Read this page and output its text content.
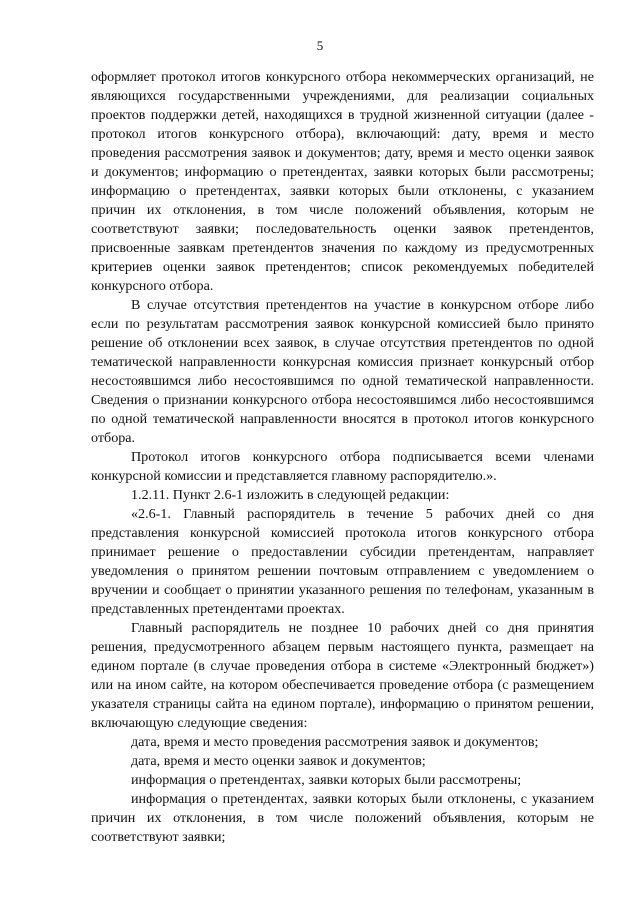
5

оформляет протокол итогов конкурсного отбора некоммерческих организаций, не являющихся государственными учреждениями, для реализации социальных проектов поддержки детей, находящихся в трудной жизненной ситуации (далее - протокол итогов конкурсного отбора), включающий: дату, время и место проведения рассмотрения заявок и документов; дату, время и место оценки заявок и документов; информацию о претендентах, заявки которых были рассмотрены; информацию о претендентах, заявки которых были отклонены, с указанием причин их отклонения, в том числе положений объявления, которым не соответствуют заявки; последовательность оценки заявок претендентов, присвоенные заявкам претендентов значения по каждому из предусмотренных критериев оценки заявок претендентов; список рекомендуемых победителей конкурсного отбора.

В случае отсутствия претендентов на участие в конкурсном отборе либо если по результатам рассмотрения заявок конкурсной комиссией было принято решение об отклонении всех заявок, в случае отсутствия претендентов по одной тематической направленности конкурсная комиссия признает конкурсный отбор несостоявшимся либо несостоявшимся по одной тематической направленности. Сведения о признании конкурсного отбора несостоявшимся либо несостоявшимся по одной тематической направленности вносятся в протокол итогов конкурсного отбора.

Протокол итогов конкурсного отбора подписывается всеми членами конкурсной комиссии и представляется главному распорядителю.».

1.2.11. Пункт 2.6-1 изложить в следующей редакции:

«2.6-1. Главный распорядитель в течение 5 рабочих дней со дня представления конкурсной комиссией протокола итогов конкурсного отбора принимает решение о предоставлении субсидии претендентам, направляет уведомления о принятом решении почтовым отправлением с уведомлением о вручении и сообщает о принятии указанного решения по телефонам, указанным в представленных претендентами проектах.

Главный распорядитель не позднее 10 рабочих дней со дня принятия решения, предусмотренного абзацем первым настоящего пункта, размещает на едином портале (в случае проведения отбора в системе «Электронный бюджет») или на ином сайте, на котором обеспечивается проведение отбора (с размещением указателя страницы сайта на едином портале), информацию о принятом решении, включающую следующие сведения:

дата, время и место проведения рассмотрения заявок и документов;

дата, время и место оценки заявок и документов;

информация о претендентах, заявки которых были рассмотрены;

информация о претендентах, заявки которых были отклонены, с указанием причин их отклонения, в том числе положений объявления, которым не соответствуют заявки;
